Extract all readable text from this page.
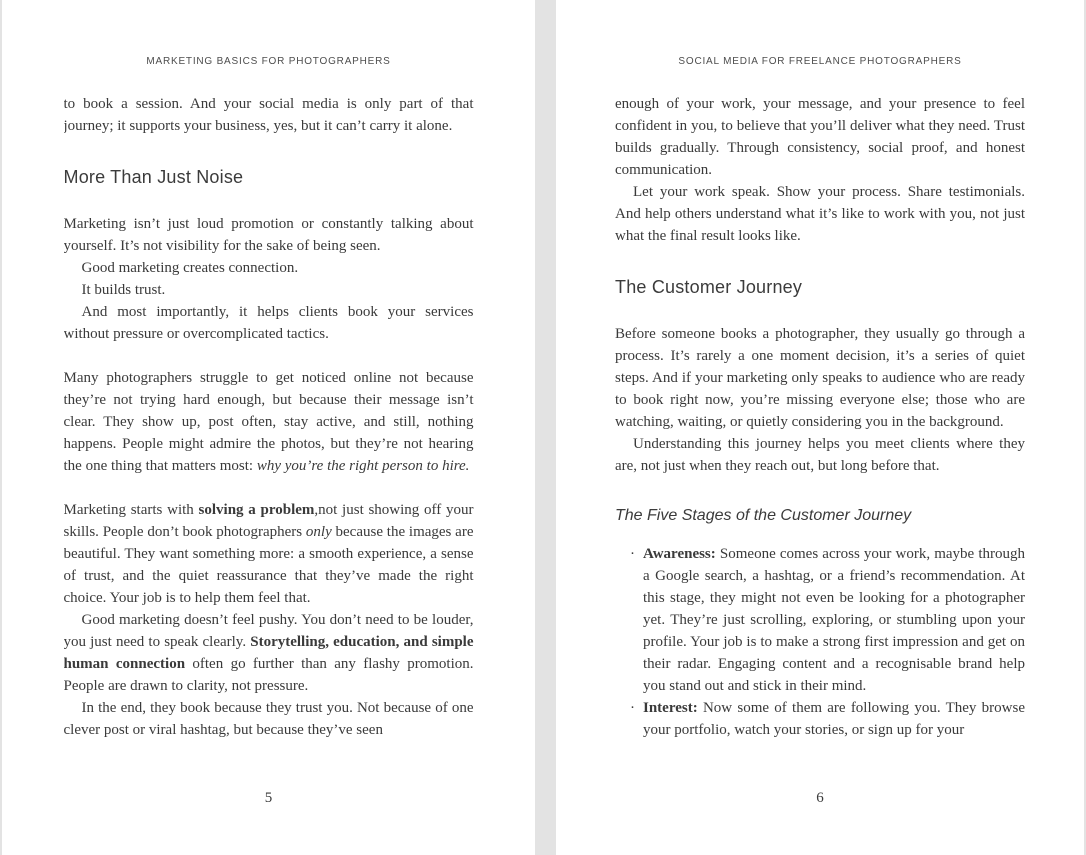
MARKETING BASICS FOR PHOTOGRAPHERS

to book a session. And your social media is only part of that journey; it supports your business, yes, but it can’t carry it alone.

More Than Just Noise

Marketing isn’t just loud promotion or constantly talking about yourself. It’s not visibility for the sake of being seen.

Good marketing creates connection.

It builds trust.

And most importantly, it helps clients book your services without pressure or overcomplicated tactics.

Many photographers struggle to get noticed online not because they’re not trying hard enough, but because their message isn’t clear. They show up, post often, stay active, and still, nothing happens. People might admire the photos, but they’re not hearing the one thing that matters most: why you’re the right person to hire.

Marketing starts with solving a problem,not just showing off your skills. People don’t book photographers only because the images are beautiful. They want something more: a smooth experience, a sense of trust, and the quiet reassurance that they’ve made the right choice. Your job is to help them feel that.

Good marketing doesn’t feel pushy. You don’t need to be louder, you just need to speak clearly. Storytelling, education, and simple human connection often go further than any flashy promotion. People are drawn to clarity, not pressure.

In the end, they book because they trust you. Not because of one clever post or viral hashtag, but because they’ve seen

5
SOCIAL MEDIA FOR FREELANCE PHOTOGRAPHERS

enough of your work, your message, and your presence to feel confident in you, to believe that you’ll deliver what they need. Trust builds gradually. Through consistency, social proof, and honest communication.

Let your work speak. Show your process. Share testimonials. And help others understand what it’s like to work with you, not just what the final result looks like.

The Customer Journey

Before someone books a photographer, they usually go through a process. It’s rarely a one moment decision, it’s a series of quiet steps. And if your marketing only speaks to audience who are ready to book right now, you’re missing everyone else; those who are watching, waiting, or quietly considering you in the background.

Understanding this journey helps you meet clients where they are, not just when they reach out, but long before that.

The Five Stages of the Customer Journey
· Awareness: Someone comes across your work, maybe through a Google search, a hashtag, or a friend’s recommendation. At this stage, they might not even be looking for a photographer yet. They’re just scrolling, exploring, or stumbling upon your profile. Your job is to make a strong first impression and get on their radar. Engaging content and a recognisable brand help you stand out and stick in their mind.
· Interest: Now some of them are following you. They browse your portfolio, watch your stories, or sign up for your
6
